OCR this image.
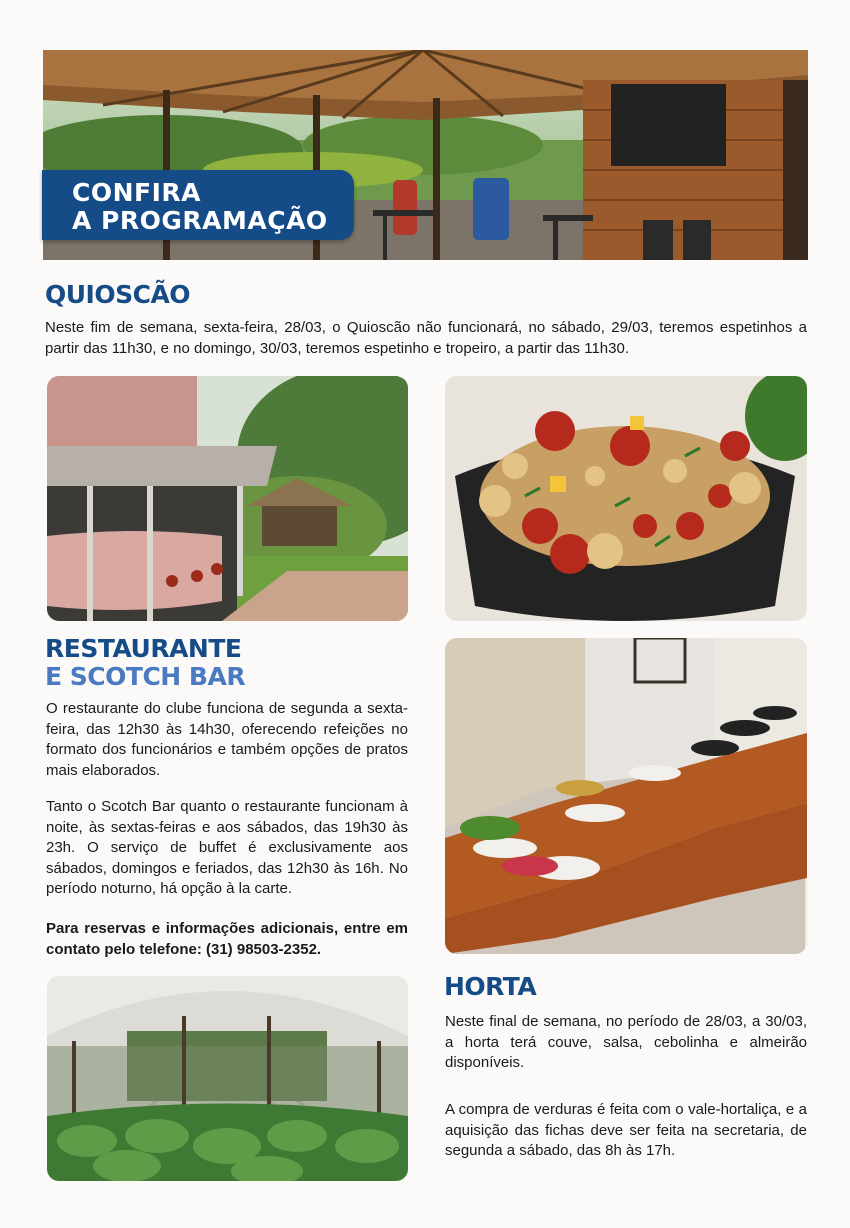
CONFIRA
A PROGRAMAÇÃO
QUIOSCÃO

Neste fim de semana, sexta-feira, 28/03, o Quioscão não funcionará, no sábado, 29/03, teremos espetinhos a partir das 11h30, e no domingo, 30/03, teremos espetinho e tropeiro, a partir das 11h30.

RESTAURANTE
E SCOTCH BAR

O restaurante do clube funciona de segunda a sexta-feira, das 12h30 às 14h30, oferecendo refeições no formato dos funcionários e também opções de pratos mais elaborados.

Tanto o Scotch Bar quanto o restaurante funcionam à noite, às sextas-feiras e aos sábados, das 19h30 às 23h. O serviço de buffet é exclusivamente aos sábados, domingos e feriados, das 12h30 às 16h. No período noturno, há opção à la carte.

Para reservas e informações adicionais, entre em contato pelo telefone: (31) 98503-2352.

HORTA

Neste final de semana, no período de 28/03, a 30/03, a horta terá couve, salsa, cebolinha e almeirão disponíveis.

A compra de verduras é feita com o vale-hortaliça, e a aquisição das fichas deve ser feita na secretaria, de segunda a sábado, das 8h às 17h.
